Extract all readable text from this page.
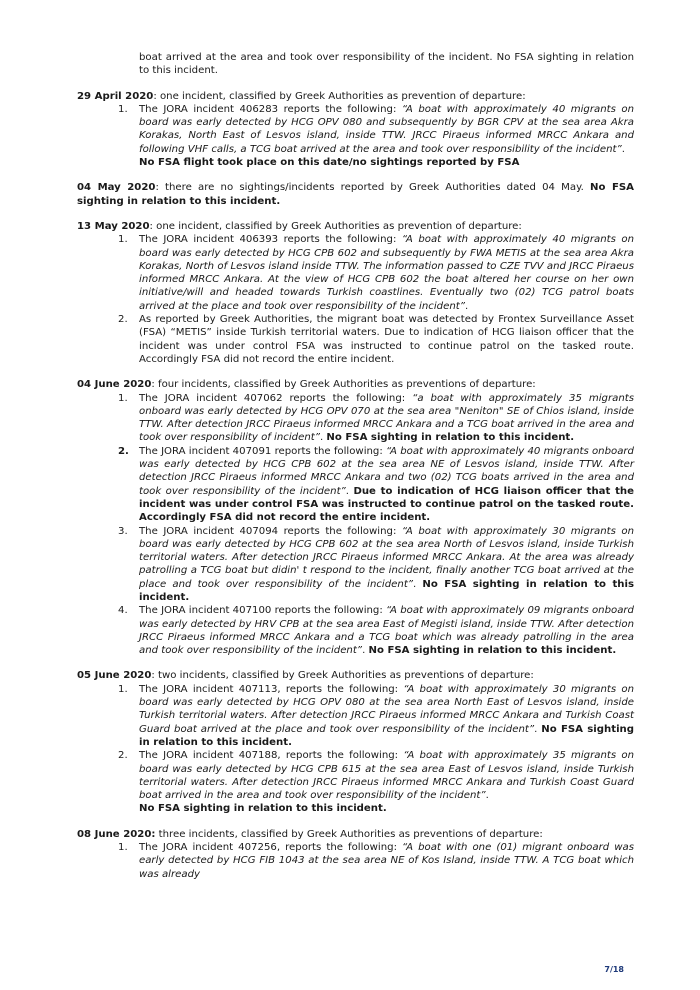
boat arrived at the area and took over responsibility of the incident. No FSA sighting in relation to this incident.

29 April 2020: one incident, classified by Greek Authorities as prevention of departure:

1. The JORA incident 406283 reports the following: “A boat with approximately 40 migrants on board was early detected by HCG OPV 080 and subsequently by BGR CPV at the sea area Akra Korakas, North East of Lesvos island, inside TTW. JRCC Piraeus informed MRCC Ankara and following VHF calls, a TCG boat arrived at the area and took over responsibility of the incident”.
No FSA flight took place on this date/no sightings reported by FSA

04 May 2020: there are no sightings/incidents reported by Greek Authorities dated 04 May. No FSA sighting in relation to this incident.

13 May 2020: one incident, classified by Greek Authorities as prevention of departure:

1. The JORA incident 406393 reports the following: “A boat with approximately 40 migrants on board was early detected by HCG CPB 602 and subsequently by FWA METIS at the sea area Akra Korakas, North of Lesvos island inside TTW. The information passed to CZE TVV and JRCC Piraeus informed MRCC Ankara. At the view of HCG CPB 602 the boat altered her course on her own initiative/will and headed towards Turkish coastlines. Eventually two (02) TCG patrol boats arrived at the place and took over responsibility of the incident”.
2. As reported by Greek Authorities, the migrant boat was detected by Frontex Surveillance Asset (FSA) “METIS” inside Turkish territorial waters. Due to indication of HCG liaison officer that the incident was under control FSA was instructed to continue patrol on the tasked route. Accordingly FSA did not record the entire incident.

04 June 2020: four incidents, classified by Greek Authorities as preventions of departure:

1. The JORA incident 407062 reports the following: “a boat with approximately 35 migrants onboard was early detected by HCG OPV 070 at the sea area "Neniton" SE of Chios island, inside TTW. After detection JRCC Piraeus informed MRCC Ankara and a TCG boat arrived in the area and took over responsibility of incident”. No FSA sighting in relation to this incident.
2. The JORA incident 407091 reports the following: “A boat with approximately 40 migrants onboard was early detected by HCG CPB 602 at the sea area NE of Lesvos island, inside TTW. After detection JRCC Piraeus informed MRCC Ankara and two (02) TCG boats arrived in the area and took over responsibility of the incident”. Due to indication of HCG liaison officer that the incident was under control FSA was instructed to continue patrol on the tasked route. Accordingly FSA did not record the entire incident.
3. The JORA incident 407094 reports the following: “A boat with approximately 30 migrants on board was early detected by HCG CPB 602 at the sea area North of Lesvos island, inside Turkish territorial waters. After detection JRCC Piraeus informed MRCC Ankara. At the area was already patrolling a TCG boat but didin' t respond to the incident, finally another TCG boat arrived at the place and took over responsibility of the incident”. No FSA sighting in relation to this incident.
4. The JORA incident 407100 reports the following: “A boat with approximately 09 migrants onboard was early detected by HRV CPB at the sea area East of Megisti island, inside TTW. After detection JRCC Piraeus informed MRCC Ankara and a TCG boat which was already patrolling in the area and took over responsibility of the incident”. No FSA sighting in relation to this incident.

05 June 2020: two incidents, classified by Greek Authorities as preventions of departure:

1. The JORA incident 407113, reports the following: “A boat with approximately 30 migrants on board was early detected by HCG OPV 080 at the sea area North East of Lesvos island, inside Turkish territorial waters. After detection JRCC Piraeus informed MRCC Ankara and Turkish Coast Guard boat arrived at the place and took over responsibility of the incident”. No FSA sighting in relation to this incident.
2. The JORA incident 407188, reports the following: “A boat with approximately 35 migrants on board was early detected by HCG CPB 615 at the sea area East of Lesvos island, inside Turkish territorial waters. After detection JRCC Piraeus informed MRCC Ankara and Turkish Coast Guard boat arrived in the area and took over responsibility of the incident”.
No FSA sighting in relation to this incident.

08 June 2020: three incidents, classified by Greek Authorities as preventions of departure:

1. The JORA incident 407256, reports the following: “A boat with one (01) migrant onboard was early detected by HCG FIB 1043 at the sea area NE of Kos Island, inside TTW. A TCG boat which was already
7/18
